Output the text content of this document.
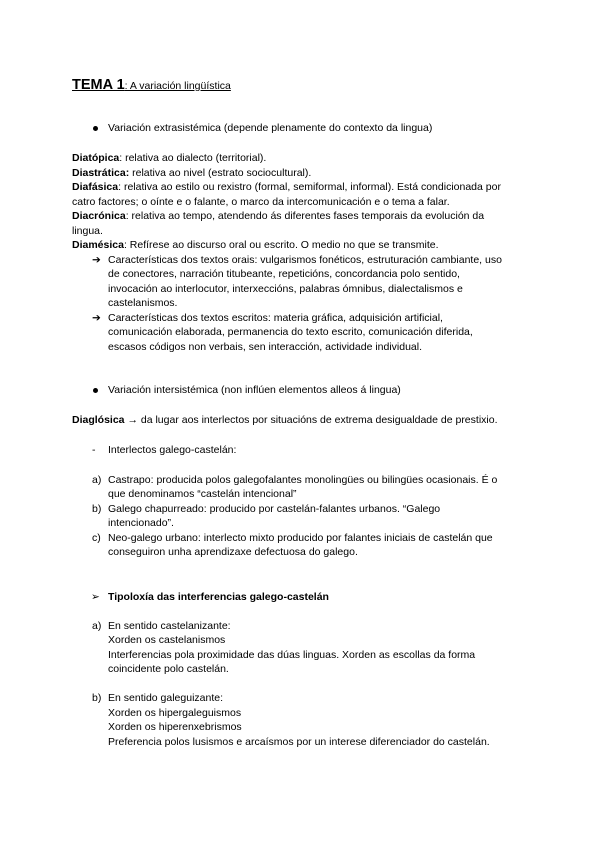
TEMA 1: A variación lingüística
Variación extrasistémica (depende plenamente do contexto da lingua)
Diatópica: relativa ao dialecto (territorial).
Diastrática: relativa ao nivel (estrato sociocultural).
Diafásica: relativa ao estilo ou rexistro (formal, semiformal, informal). Está condicionada por
catro factores; o oínte e o falante, o marco da intercomunicación e o tema a falar.
Diacrónica: relativa ao tempo, atendendo ás diferentes fases temporais da evolución da
lingua.
Diamésica: Refírese ao discurso oral ou escrito. O medio no que se transmite.
➔ Características dos textos orais: vulgarismos fonéticos, estruturación cambiante, uso
de conectores, narración titubeante, repeticións, concordancia polo sentido,
invocación ao interlocutor, interxeccións, palabras ómnibus, dialectalismos e
castelanismos.
➔ Características dos textos escritos: materia gráfica, adquisición artificial,
comunicación elaborada, permanencia do texto escrito, comunicación diferida,
escasos códigos non verbais, sen interacción, actividade individual.
Variación intersistémica (non inflúen elementos alleos á lingua)
Diaglósica → da lugar aos interlectos por situacións de extrema desigualdade de prestixio.
- Interlectos galego-castelán:
a) Castrapo: producida polos galegofalantes monolingües ou bilingües ocasionais. É o
que denominamos “castelán intencional”
b) Galego chapurreado: producido por castelán-falantes urbanos. “Galego
intencionado”.
c) Neo-galego urbano: interlecto mixto producido por falantes iniciais de castelán que
conseguiron unha aprendizaxe defectuosa do galego.
➢ Tipoloxía das interferencias galego-castelán
a) En sentido castelanizante:
Xorden os castelanismos
Interferencias pola proximidade das dúas linguas. Xorden as escollas da forma
coincidente polo castelán.
b) En sentido galeguizante:
Xorden os hipergaleguismos
Xorden os hiperenxebrismos
Preferencia polos lusismos e arcaísmos por un interese diferenciador do castelán.
